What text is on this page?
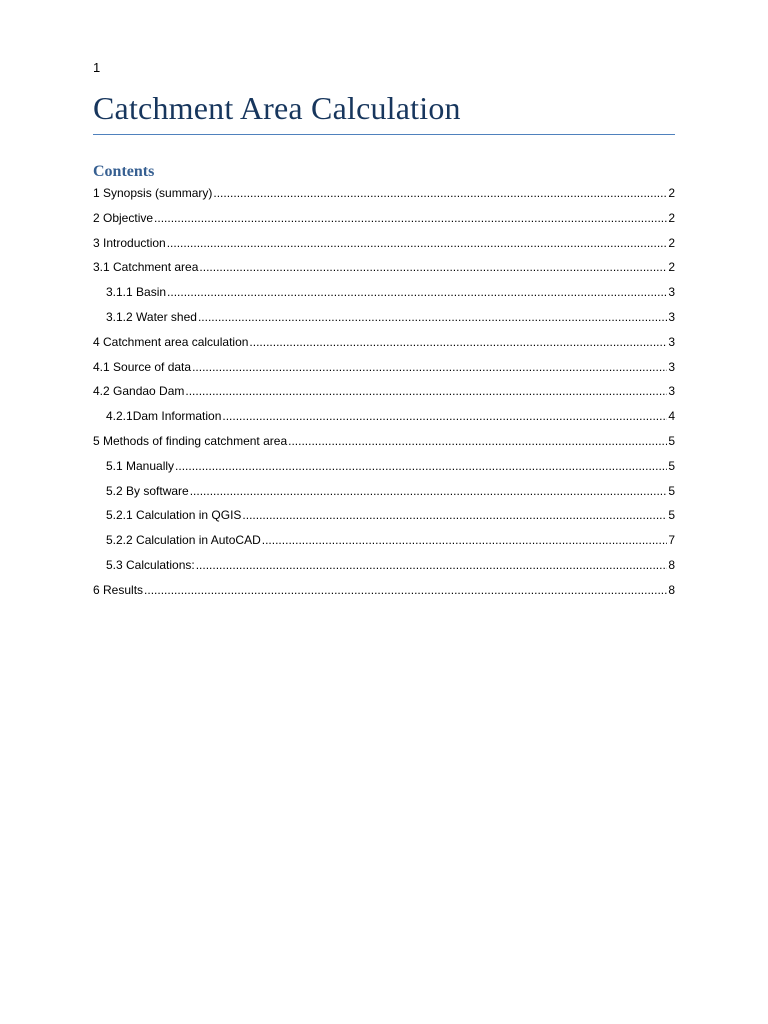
1
Catchment Area Calculation
Contents
1 Synopsis (summary) .....	2
2 Objective .....	2
3 Introduction .....	2
3.1 Catchment area .....	2
3.1.1 Basin .....	3
3.1.2 Water shed .....	3
4 Catchment area calculation .....	3
4.1 Source of data .....	3
4.2 Gandao Dam .....	3
4.2.1Dam Information .....	4
5 Methods of finding catchment area .....	5
5.1 Manually .....	5
5.2 By software .....	5
5.2.1 Calculation in QGIS .....	5
5.2.2 Calculation in AutoCAD .....	7
5.3 Calculations: .....	8
6 Results .....	8
